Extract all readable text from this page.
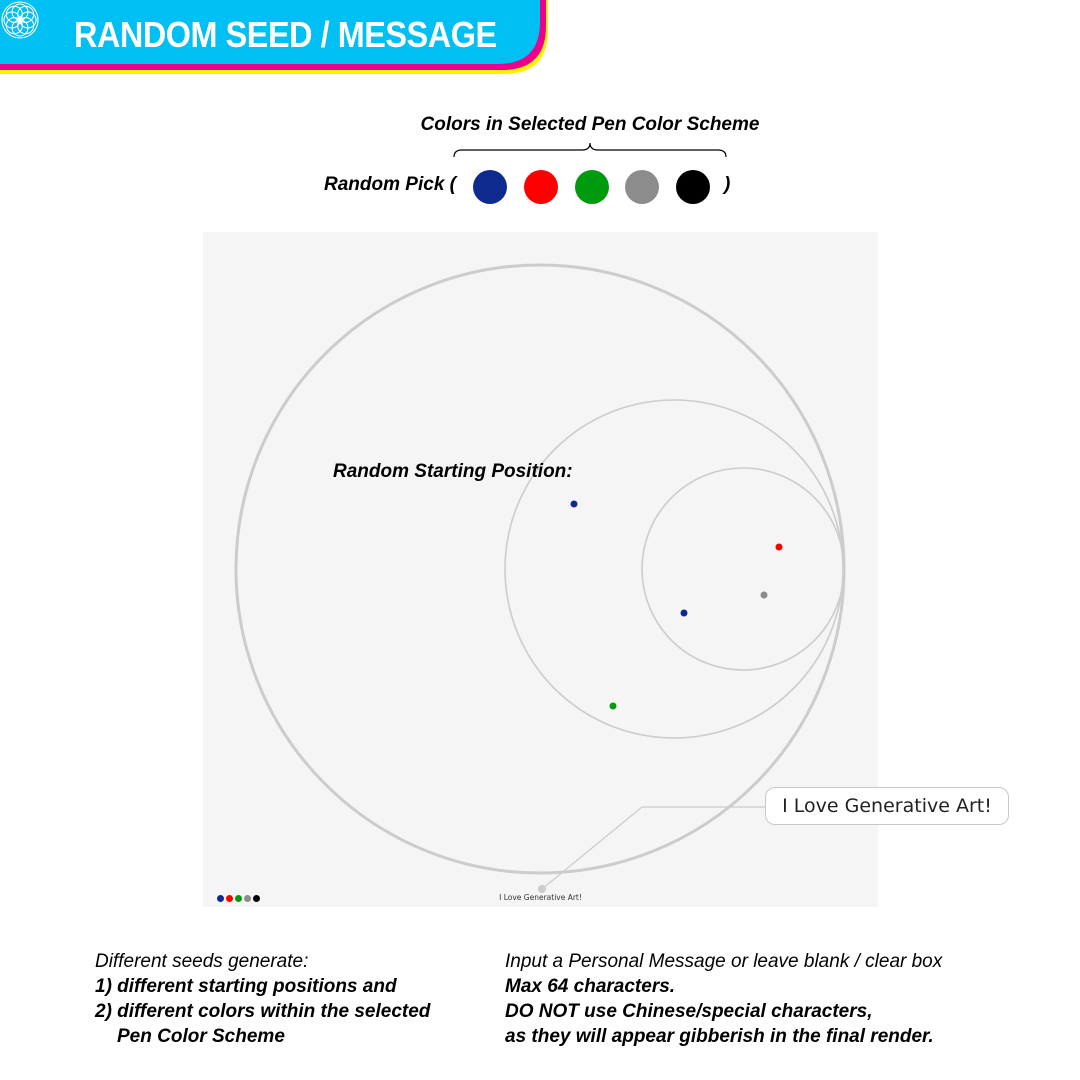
RANDOM SEED / MESSAGE
Colors in Selected Pen Color Scheme
Random Pick (	)
Random Starting Position:
I Love Generative Art!
I Love Generative Art!
Different seeds generate:
1) different starting positions and
2) different colors within the selected
Pen Color Scheme
Input a Personal Message or leave blank / clear box
Max 64 characters.
DO NOT use Chinese/special characters,
as they will appear gibberish in the final render.
